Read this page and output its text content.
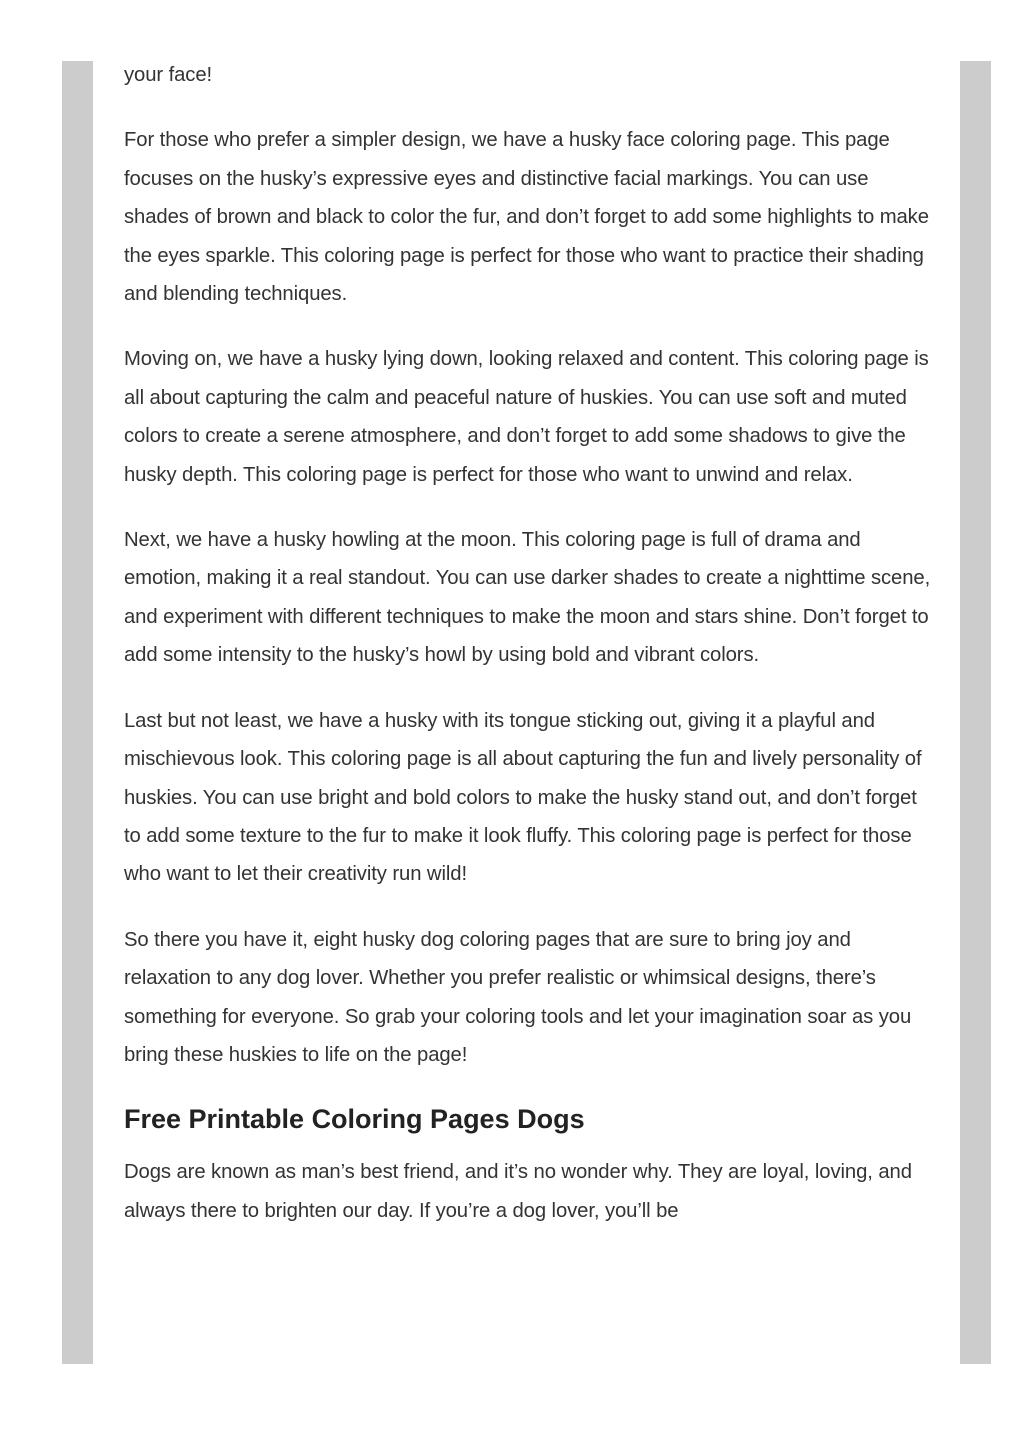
your face!

For those who prefer a simpler design, we have a husky face coloring page. This page focuses on the husky’s expressive eyes and distinctive facial markings. You can use shades of brown and black to color the fur, and don’t forget to add some highlights to make the eyes sparkle. This coloring page is perfect for those who want to practice their shading and blending techniques.

Moving on, we have a husky lying down, looking relaxed and content. This coloring page is all about capturing the calm and peaceful nature of huskies. You can use soft and muted colors to create a serene atmosphere, and don’t forget to add some shadows to give the husky depth. This coloring page is perfect for those who want to unwind and relax.

Next, we have a husky howling at the moon. This coloring page is full of drama and emotion, making it a real standout. You can use darker shades to create a nighttime scene, and experiment with different techniques to make the moon and stars shine. Don’t forget to add some intensity to the husky’s howl by using bold and vibrant colors.

Last but not least, we have a husky with its tongue sticking out, giving it a playful and mischievous look. This coloring page is all about capturing the fun and lively personality of huskies. You can use bright and bold colors to make the husky stand out, and don’t forget to add some texture to the fur to make it look fluffy. This coloring page is perfect for those who want to let their creativity run wild!

So there you have it, eight husky dog coloring pages that are sure to bring joy and relaxation to any dog lover. Whether you prefer realistic or whimsical designs, there’s something for everyone. So grab your coloring tools and let your imagination soar as you bring these huskies to life on the page!

Free Printable Coloring Pages Dogs

Dogs are known as man’s best friend, and it’s no wonder why. They are loyal, loving, and always there to brighten our day. If you’re a dog lover, you’ll be
